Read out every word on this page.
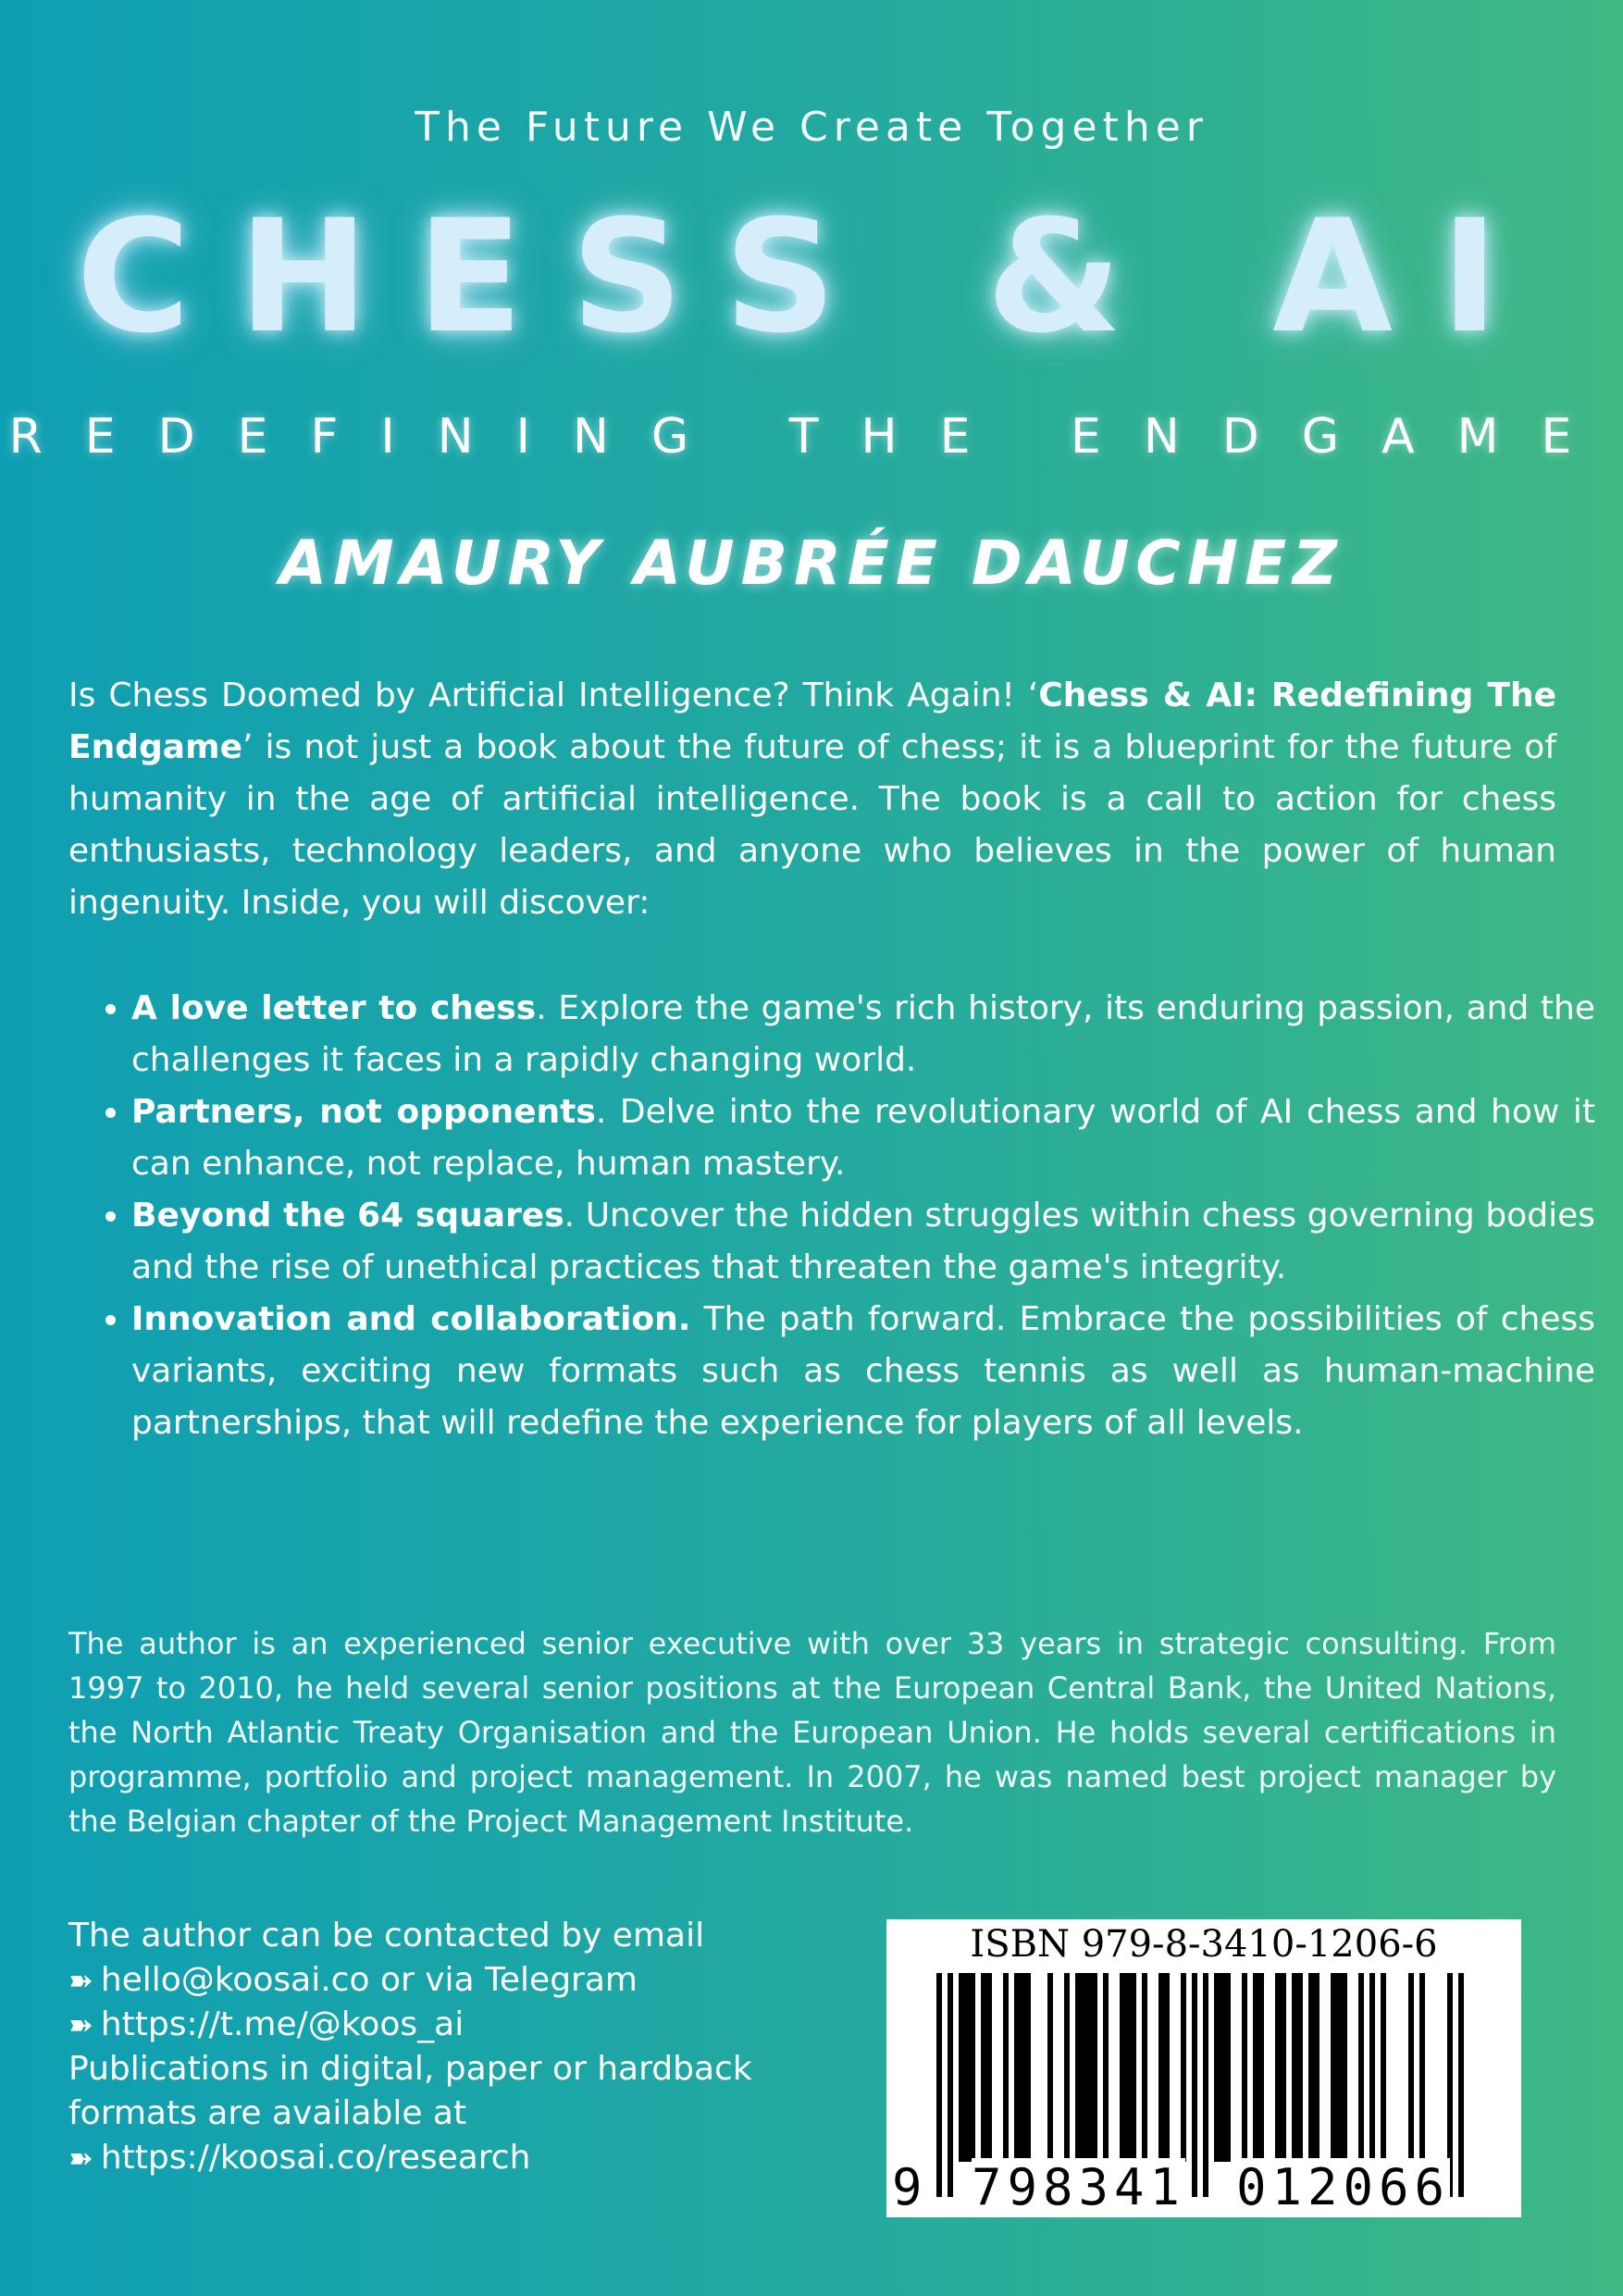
The Future We Create Together
CHESS & AI
REDEFINING THE ENDGAME
AMAURY AUBRÉE DAUCHEZ
Is Chess Doomed by Artificial Intelligence? Think Again! ‘Chess & AI: Redefining The Endgame’ is not just a book about the future of chess; it is a blueprint for the future of humanity in the age of artificial intelligence. The book is a call to action for chess enthusiasts, technology leaders, and anyone who believes in the power of human ingenuity. Inside, you will discover:
• A love letter to chess. Explore the game's rich history, its enduring passion, and the challenges it faces in a rapidly changing world.
• Partners, not opponents. Delve into the revolutionary world of AI chess and how it can enhance, not replace, human mastery.
• Beyond the 64 squares. Uncover the hidden struggles within chess governing bodies and the rise of unethical practices that threaten the game's integrity.
• Innovation and collaboration. The path forward. Embrace the possibilities of chess variants, exciting new formats such as chess tennis as well as human-machine partnerships, that will redefine the experience for players of all levels.
The author is an experienced senior executive with over 33 years in strategic consulting. From 1997 to 2010, he held several senior positions at the European Central Bank, the United Nations, the North Atlantic Treaty Organisation and the European Union. He holds several certifications in programme, portfolio and project management. In 2007, he was named best project manager by the Belgian chapter of the Project Management Institute.
The author can be contacted by email
➽ hello@koosai.co or via Telegram
➽ https://t.me/@koos_ai
Publications in digital, paper or hardback
formats are available at
➽ https://koosai.co/research
ISBN 979-8-3410-1206-6
9 798341 012066
